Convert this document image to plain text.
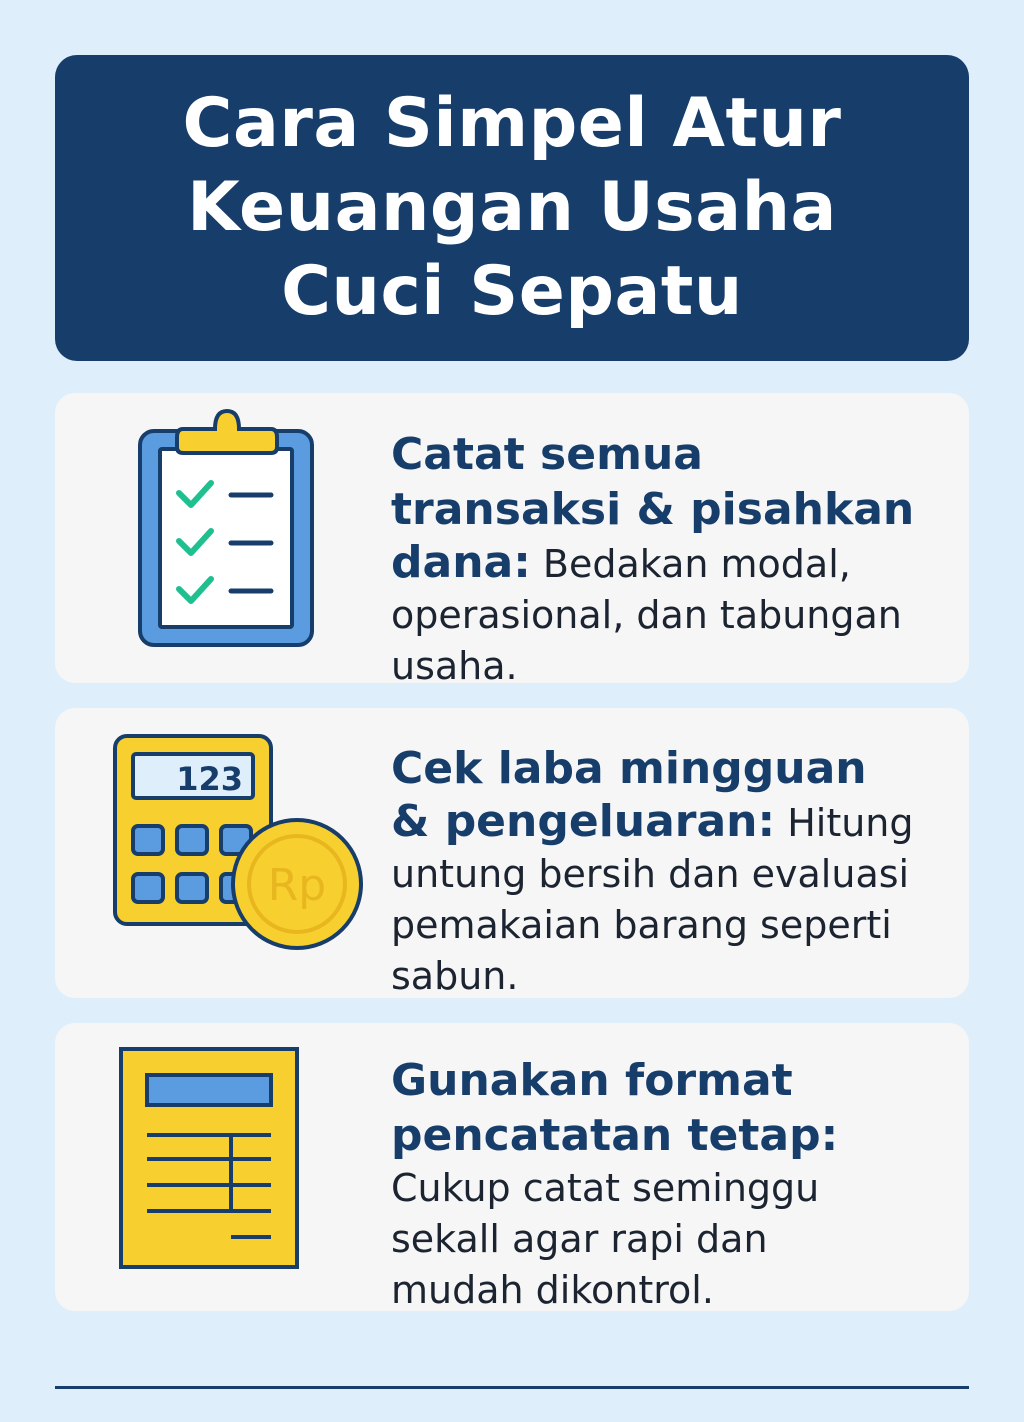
Cara Simpel Atur
Keuangan Usaha
Cuci Sepatu
Catat semua
transaksi & pisahkan
dana: Bedakan modal,
operasional, dan tabungan
usaha.
123
Rp
Cek laba mingguan
& pengeluaran: Hitung
untung bersih dan evaluasi
pemakaian barang seperti
sabun.
Gunakan format
pencatatan tetap:
Cukup catat seminggu
sekall agar rapi dan
mudah dikontrol.
